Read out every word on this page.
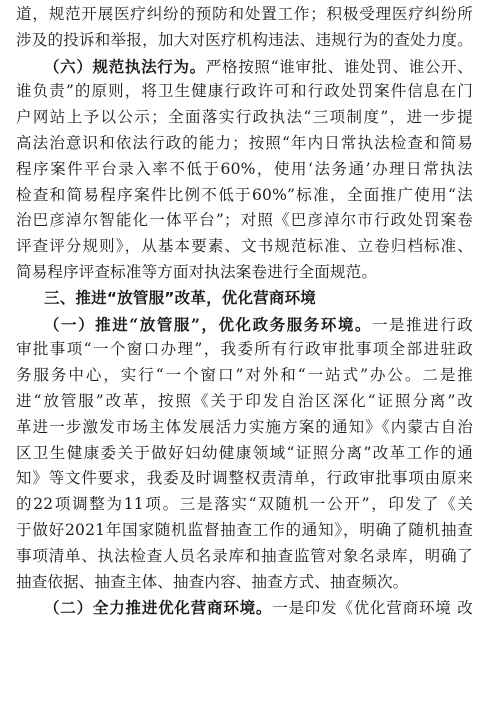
道，规范开展医疗纠纷的预防和处置工作；积极受理医疗纠纷所
涉及的投诉和举报，加大对医疗机构违法、违规行为的查处力度。
（六）规范执法行为。严格按照“谁审批、谁处罚、谁公开、
谁负责”的原则，将卫生健康行政许可和行政处罚案件信息在门
户网站上予以公示；全面落实行政执法“三项制度”，进一步提
高法治意识和依法行政的能力；按照“年内日常执法检查和简易
程序案件平台录入率不低于60%，使用‘法务通’办理日常执法
检查和简易程序案件比例不低于60%”标准，全面推广使用“法
治巴彦淖尔智能化一体平台”；对照《巴彦淖尔市行政处罚案卷
评查评分规则》，从基本要素、文书规范标准、立卷归档标准、
简易程序评查标准等方面对执法案卷进行全面规范。
三、推进“放管服”改革，优化营商环境
（一）推进“放管服”，优化政务服务环境。一是推进行政
审批事项“一个窗口办理”，我委所有行政审批事项全部进驻政
务服务中心，实行“一个窗口”对外和“一站式”办公。二是推
进“放管服”改革，按照《关于印发自治区深化“证照分离”改
革进一步激发市场主体发展活力实施方案的通知》《内蒙古自治
区卫生健康委关于做好妇幼健康领域“证照分离”改革工作的通
知》等文件要求，我委及时调整权责清单，行政审批事项由原来
的22项调整为11项。三是落实“双随机一公开”，印发了《关
于做好2021年国家随机监督抽查工作的通知》，明确了随机抽查
事项清单、执法检查人员名录库和抽查监管对象名录库，明确了
抽查依据、抽查主体、抽查内容、抽查方式、抽查频次。
（二）全力推进优化营商环境。一是印发《优化营商环境 改
